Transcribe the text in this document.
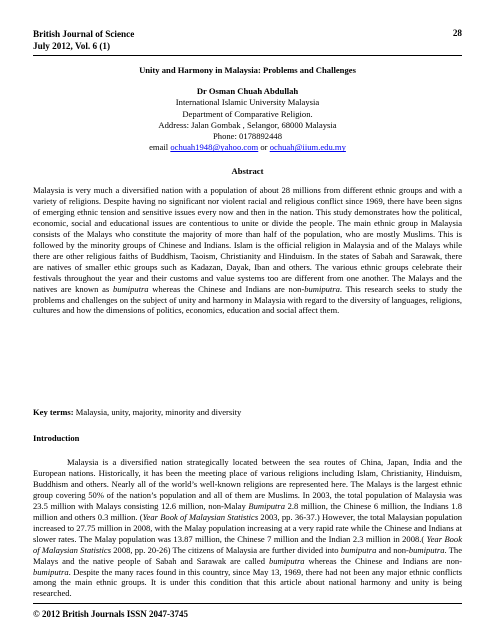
British Journal of Science
July 2012, Vol. 6 (1)
28
Unity and Harmony in Malaysia: Problems and Challenges
Dr Osman Chuah Abdullah
International Islamic University Malaysia
Department of Comparative Religion.
Address: Jalan Gombak , Selangor, 68000 Malaysia
Phone: 0178892448
email ochuah1948@yahoo.com or ochuah@iium.edu.my
Abstract
Malaysia is very much a diversified nation with a population of about 28 millions from different ethnic groups and with a variety of religions. Despite having no significant nor violent racial and religious conflict since 1969, there have been signs of emerging ethnic tension and sensitive issues every now and then in the nation. This study demonstrates how the political, economic, social and educational issues are contentious to unite or divide the people. The main ethnic group in Malaysia consists of the Malays who constitute the majority of more than half of the population, who are mostly Muslims. This is followed by the minority groups of Chinese and Indians. Islam is the official religion in Malaysia and of the Malays while there are other religious faiths of Buddhism, Taoism, Christianity and Hinduism. In the states of Sabah and Sarawak, there are natives of smaller ethic groups such as Kadazan, Dayak, Iban and others. The various ethnic groups celebrate their festivals throughout the year and their customs and value systems too are different from one another. The Malays and the natives are known as bumiputra whereas the Chinese and Indians are non-bumiputra. This research seeks to study the problems and challenges on the subject of unity and harmony in Malaysia with regard to the diversity of languages, religions, cultures and how the dimensions of politics, economics, education and social affect them.
Key terms: Malaysia, unity, majority, minority and diversity
Introduction
Malaysia is a diversified nation strategically located between the sea routes of China, Japan, India and the European nations. Historically, it has been the meeting place of various religions including Islam, Christianity, Hinduism, Buddhism and others. Nearly all of the world’s well-known religions are represented here. The Malays is the largest ethnic group covering 50% of the nation’s population and all of them are Muslims. In 2003, the total population of Malaysia was 23.5 million with Malays consisting 12.6 million, non-Malay Bumiputra 2.8 million, the Chinese 6 million, the Indians 1.8 million and others 0.3 million. (Year Book of Malaysian Statistics 2003, pp. 36-37.) However, the total Malaysian population increased to 27.75 million in 2008, with the Malay population increasing at a very rapid rate while the Chinese and Indians at slower rates. The Malay population was 13.87 million, the Chinese 7 million and the Indian 2.3 million in 2008.( Year Book of Malaysian Statistics 2008, pp. 20-26) The citizens of Malaysia are further divided into bumiputra and non-bumiputra. The Malays and the native people of Sabah and Sarawak are called bumiputra whereas the Chinese and Indians are non-bumiputra. Despite the many races found in this country, since May 13, 1969, there had not been any major ethnic conflicts among the main ethnic groups. It is under this condition that this article about national harmony and unity is being researched.
© 2012 British Journals ISSN 2047-3745
